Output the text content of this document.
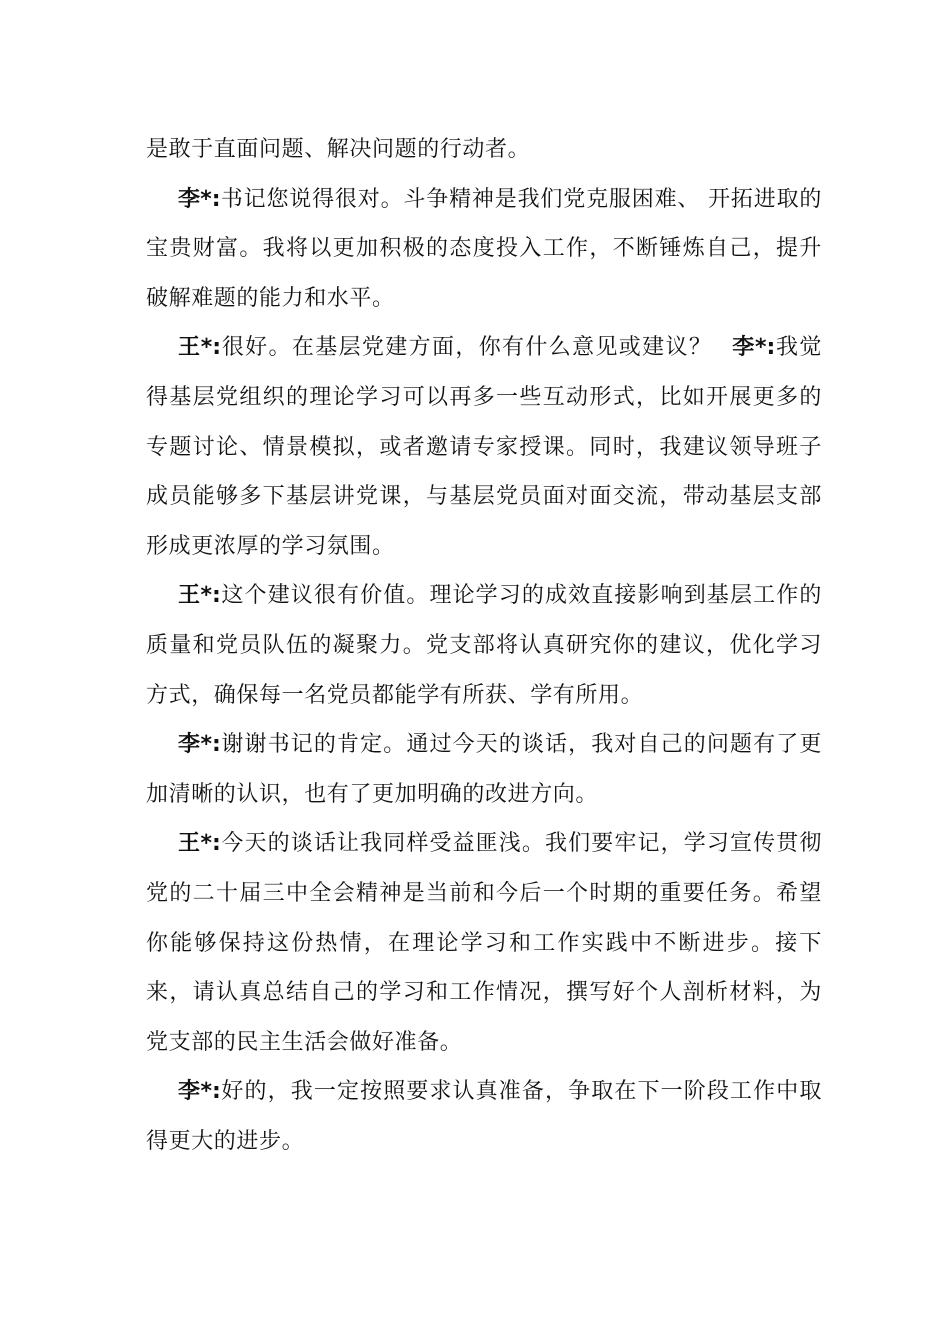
是敢于直面问题、解决问题的行动者。

李*:书记您说得很对。斗争精神是我们党克服困难、 开拓进取的宝贵财富。我将以更加积极的态度投入工作，不断锤炼自己，提升破解难题的能力和水平。

王*:很好。在基层党建方面，你有什么意见或建议？ 李*:我觉得基层党组织的理论学习可以再多一些互动形式，比如开展更多的专题讨论、情景模拟，或者邀请专家授课。同时，我建议领导班子成员能够多下基层讲党课，与基层党员面对面交流，带动基层支部形成更浓厚的学习氛围。

王*:这个建议很有价值。理论学习的成效直接影响到基层工作的质量和党员队伍的凝聚力。党支部将认真研究你的建议，优化学习方式，确保每一名党员都能学有所获、学有所用。

李*:谢谢书记的肯定。通过今天的谈话，我对自己的问题有了更加清晰的认识，也有了更加明确的改进方向。

王*:今天的谈话让我同样受益匪浅。我们要牢记，学习宣传贯彻党的二十届三中全会精神是当前和今后一个时期的重要任务。希望你能够保持这份热情，在理论学习和工作实践中不断进步。接下来，请认真总结自己的学习和工作情况，撰写好个人剖析材料，为党支部的民主生活会做好准备。

李*:好的，我一定按照要求认真准备，争取在下一阶段工作中取得更大的进步。
